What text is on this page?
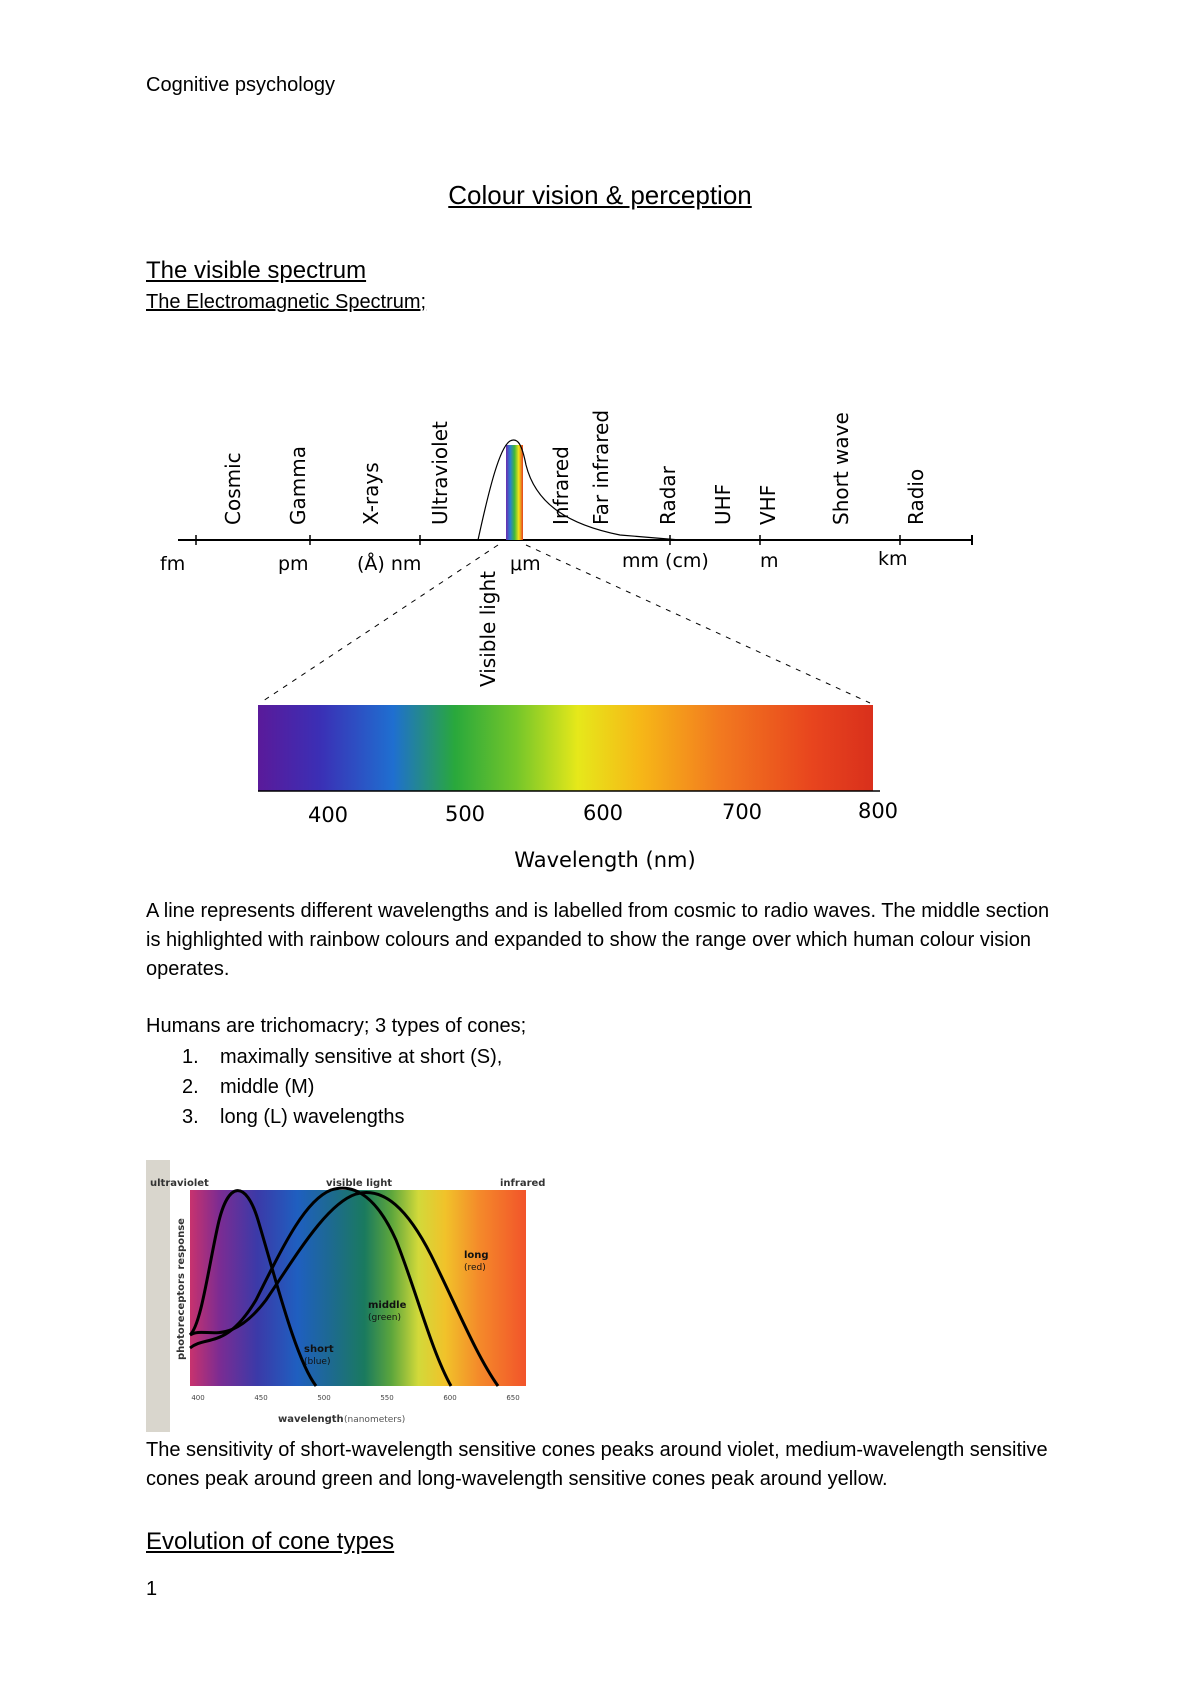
Cognitive psychology
Colour vision & perception
The visible spectrum
The Electromagnetic Spectrum;
Cosmic Gamma X-rays Ultraviolet	Infrared Far infrared Radar UHF VHF Short wave	Radio
fm	pm	(Å) nm	μm	mm (cm)	m	km
Visible light
400	500	600	700	800
Wavelength (nm)
A line represents different wavelengths and is labelled from cosmic to radio waves. The middle section is highlighted with rainbow colours and expanded to show the range over which human colour vision operates.
Humans are trichomacry; 3 types of cones;
1. maximally sensitive at short (S),
2. middle (M)
3. long (L) wavelengths
ultraviolet	visible light	infrared
photoreceptors response	short
(blue)
middle
(green)
long
(red)
400	450	500	550	600	650
wavelength (nanometers)
The sensitivity of short-wavelength sensitive cones peaks around violet, medium-wavelength sensitive cones peak around green and long-wavelength sensitive cones peak around yellow.
Evolution of cone types
1
